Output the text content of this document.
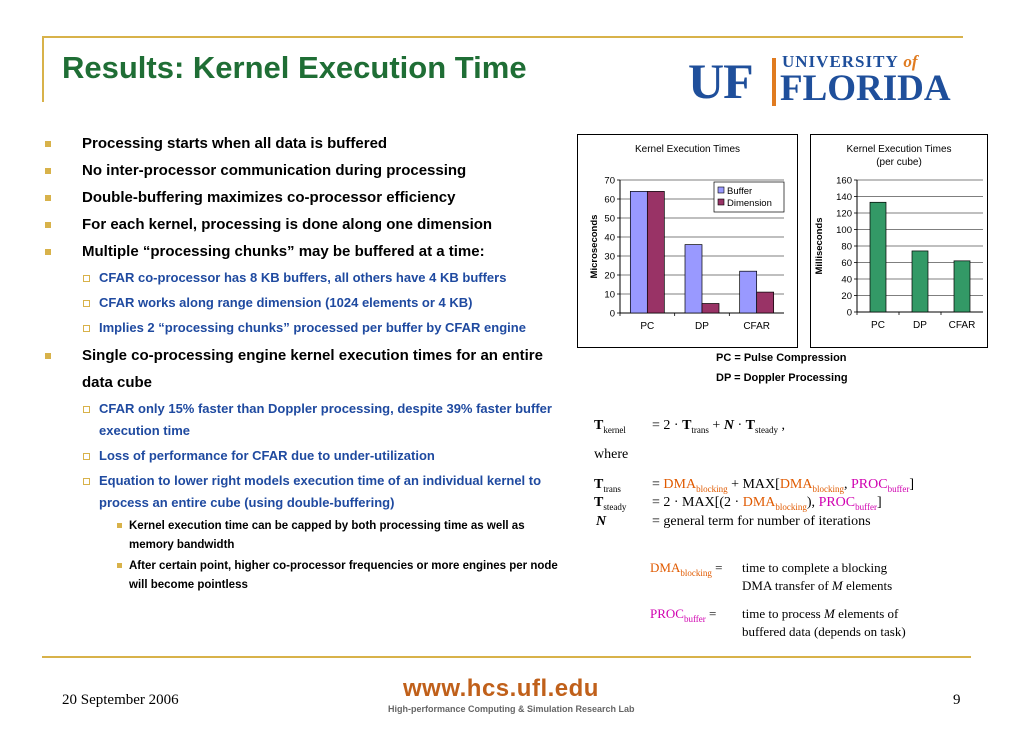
Results: Kernel Execution Time	UF UNIVERSITY of
FLORIDA
Processing starts when all data is buffered
No inter-processor communication during processing
Double-buffering maximizes co-processor efficiency
For each kernel, processing is done along one dimension
Multiple “processing chunks” may be buffered at a time:
CFAR co-processor has 8 KB buffers, all others have 4 KB buffers
CFAR works along range dimension (1024 elements or 4 KB)
Implies 2 “processing chunks” processed per buffer by CFAR engine
Single co-processing engine kernel execution times for an entire data cube
CFAR only 15% faster than Doppler processing, despite 39% faster buffer execution time
Loss of performance for CFAR due to under-utilization
Equation to lower right models execution time of an individual kernel to process an entire cube (using double-buffering)
Kernel execution time can be capped by both processing time as well as memory bandwidth
After certain point, higher co-processor frequencies or more engines per node will become pointless
Kernel Execution Times
0
10
20
30
40
50
60
70
Microseconds
PC	DP	CFAR
Buffer
Dimension
Kernel Execution Times
(per cube)
0
20
40
60
80
100
120
140
160
Milliseconds
PC	DP CFAR
PC = Pulse Compression
DP = Doppler Processing
$T_{kernel} = 2 \cdot T_{trans} + N \cdot T_{steady}$ ,
where
$T_{trans} = DMA_{blocking} + MAX[DMA_{blocking}$, $PROC_{buffer}$]
$T_{steady} = 2 \cdot MAX[(2 \cdot DMA_{blocking})$, $PROC_{buffer}$]
N	= general term for number of iterations
$DMA_{blocking}$ = time to complete a blocking
DMA transfer of M elements
$PROC_{buffer}$ = time to process M elements of
buffered data (depends on task)
20 September 2006	www.hcs.ufl.edu
High-performance Computing & Simulation Research Lab
9
